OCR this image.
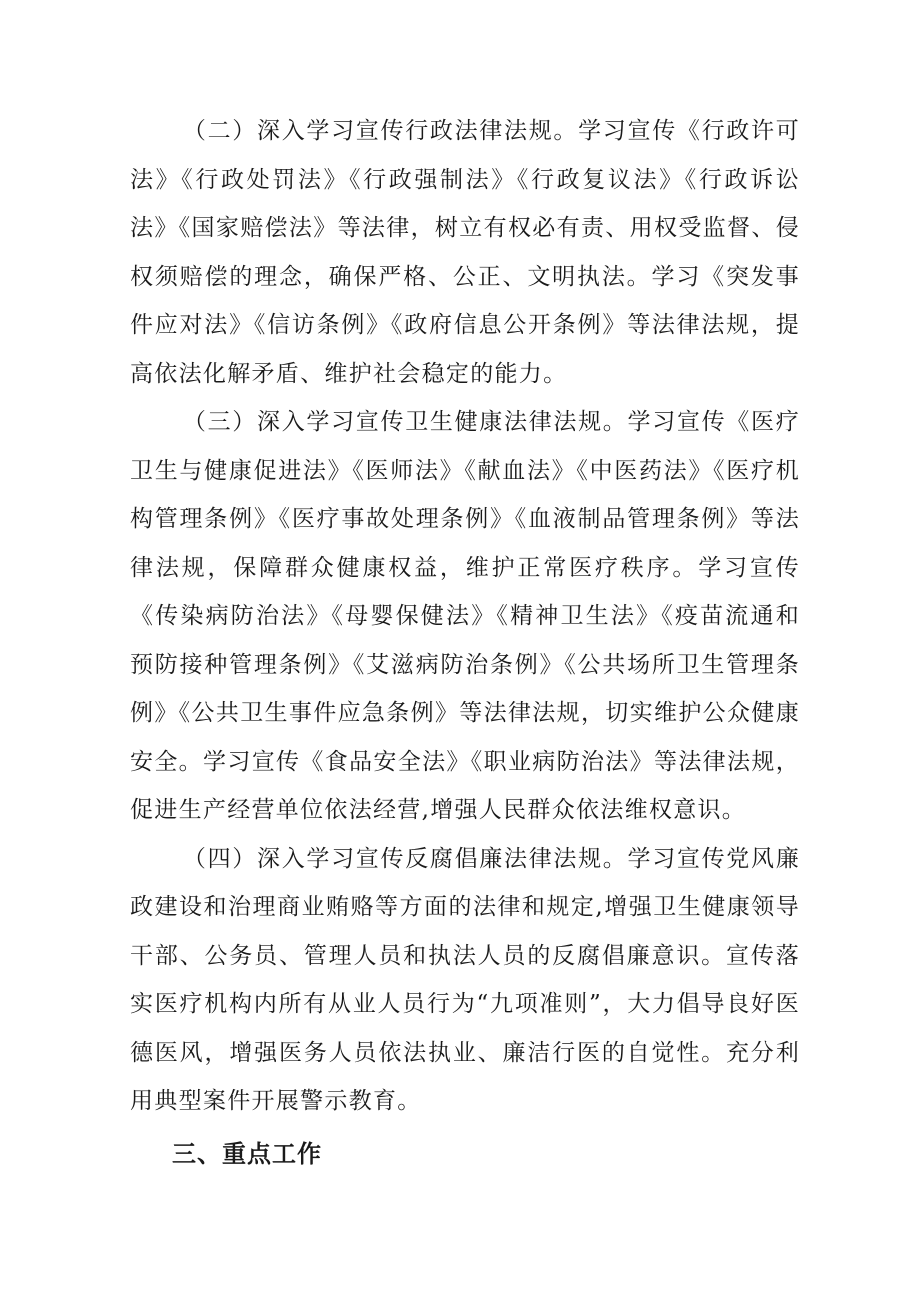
（二）深入学习宣传行政法律法规。学习宣传《行政许可法》《行政处罚法》《行政强制法》《行政复议法》《行政诉讼法》《国家赔偿法》等法律，树立有权必有责、用权受监督、侵权须赔偿的理念，确保严格、公正、文明执法。学习《突发事件应对法》《信访条例》《政府信息公开条例》等法律法规，提高依法化解矛盾、维护社会稳定的能力。

（三）深入学习宣传卫生健康法律法规。学习宣传《医疗卫生与健康促进法》《医师法》《献血法》《中医药法》《医疗机构管理条例》《医疗事故处理条例》《血液制品管理条例》等法律法规，保障群众健康权益，维护正常医疗秩序。学习宣传《传染病防治法》《母婴保健法》《精神卫生法》《疫苗流通和预防接种管理条例》《艾滋病防治条例》《公共场所卫生管理条例》《公共卫生事件应急条例》等法律法规，切实维护公众健康安全。学习宣传《食品安全法》《职业病防治法》等法律法规，促进生产经营单位依法经营,增强人民群众依法维权意识。

（四）深入学习宣传反腐倡廉法律法规。学习宣传党风廉政建设和治理商业贿赂等方面的法律和规定,增强卫生健康领导干部、公务员、管理人员和执法人员的反腐倡廉意识。宣传落实医疗机构内所有从业人员行为“九项准则”，大力倡导良好医德医风，增强医务人员依法执业、廉洁行医的自觉性。充分利用典型案件开展警示教育。

三、重点工作
